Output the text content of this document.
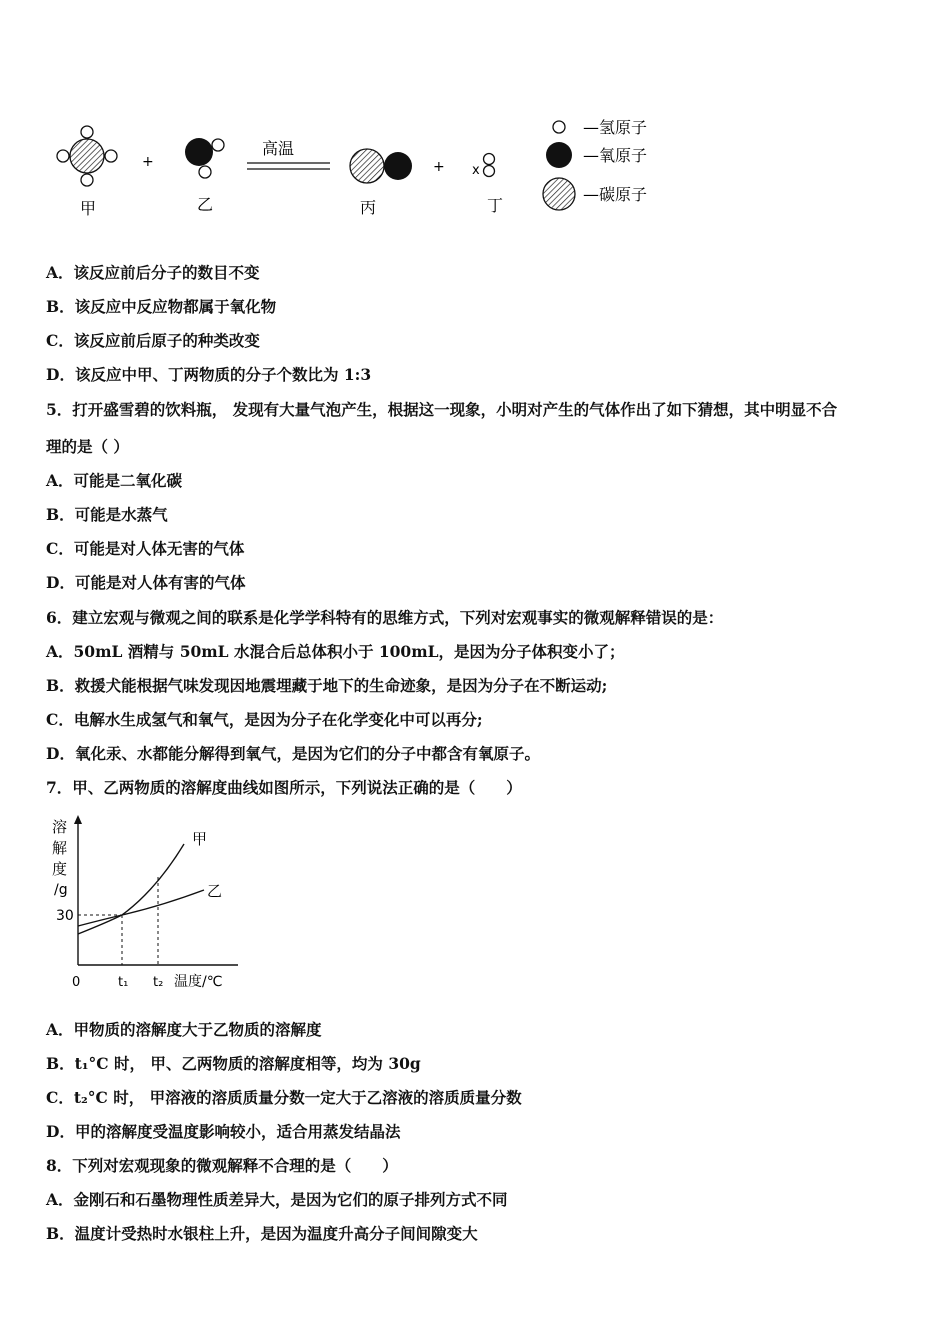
+
高温
+ x
甲	乙	丙	丁
—氢原子
—氧原子
—碳原子
A．该反应前后分子的数目不变
B．该反应中反应物都属于氧化物
C．该反应前后原子的种类改变
D．该反应中甲、丁两物质的分子个数比为 1:3
5．打开盛雪碧的饮料瓶， 发现有大量气泡产生，根据这一现象，小明对产生的气体作出了如下猜想，其中明显不合
理的是（ ）
A．可能是二氧化碳
B．可能是水蒸气
C．可能是对人体无害的气体
D．可能是对人体有害的气体
6．建立宏观与微观之间的联系是化学学科特有的思维方式，下列对宏观事实的微观解释错误的是：
A．50mL 酒精与 50mL 水混合后总体积小于 100mL，是因为分子体积变小了；
B．救援犬能根据气味发现因地震埋藏于地下的生命迹象，是因为分子在不断运动;
C．电解水生成氢气和氧气，是因为分子在化学变化中可以再分;
D．氧化汞、水都能分解得到氧气，是因为它们的分子中都含有氧原子。
7．甲、乙两物质的溶解度曲线如图所示，下列说法正确的是（　　）
溶
解
度
/g
30
甲
乙
0	t₁ t₂ 温度/℃
A．甲物质的溶解度大于乙物质的溶解度
B．t₁°C 时， 甲、乙两物质的溶解度相等，均为 30g
C．t₂°C 时， 甲溶液的溶质质量分数一定大于乙溶液的溶质质量分数
D．甲的溶解度受温度影响较小，适合用蒸发结晶法
8．下列对宏观现象的微观解释不合理的是（　　）
A．金刚石和石墨物理性质差异大，是因为它们的原子排列方式不同
B．温度计受热时水银柱上升，是因为温度升高分子间间隙变大
